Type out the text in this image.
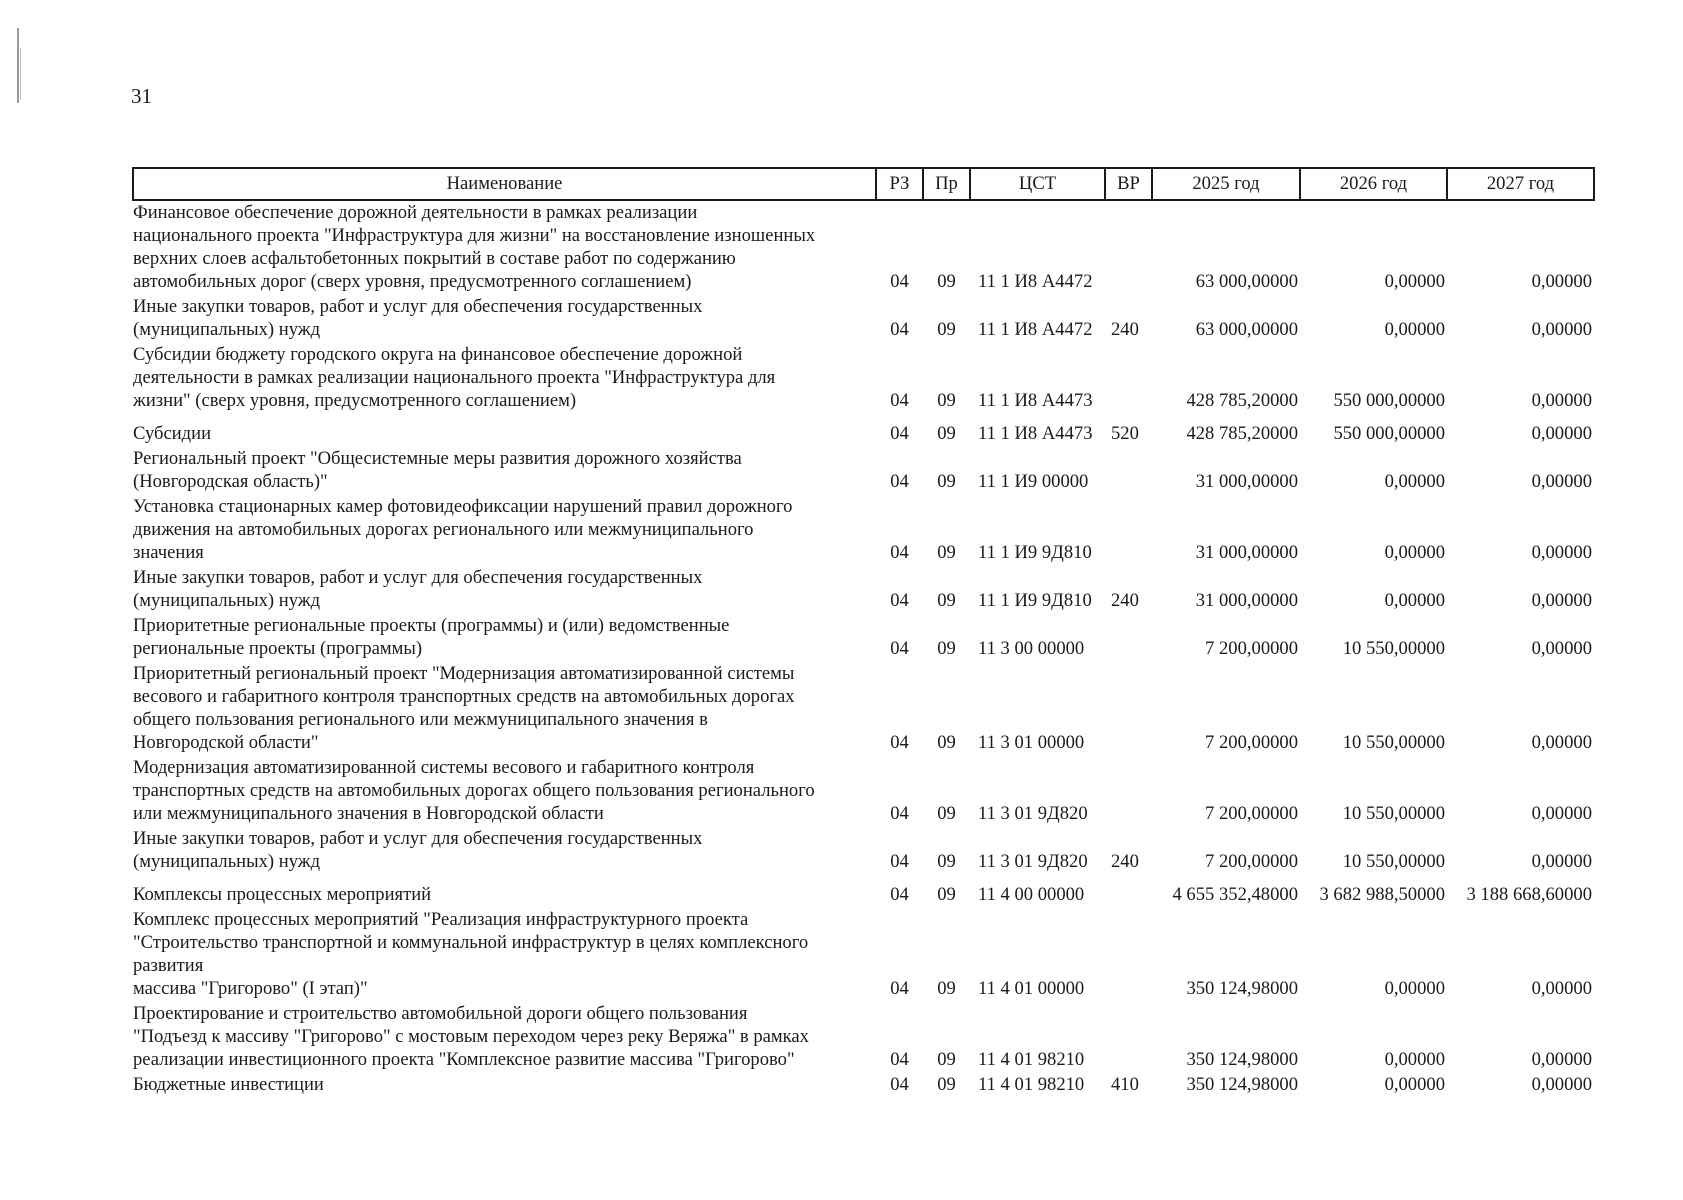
31
Наименование	РЗ	Пр	ЦСТ	ВР	2025 год	2026 год	2027 год
Финансовое обеспечение дорожной деятельности в рамках реализации
национального проекта "Инфраструктура для жизни" на восстановление изношенных
верхних слоев асфальтобетонных покрытий в составе работ по содержанию
автомобильных дорог (сверх уровня, предусмотренного соглашением)	04	09	11 1 И8 А4472		63 000,00000	0,00000	0,00000
Иные закупки товаров, работ и услуг для обеспечения государственных
(муниципальных) нужд	04	09	11 1 И8 А4472	240	63 000,00000	0,00000	0,00000
Субсидии бюджету городского округа на финансовое обеспечение дорожной
деятельности в рамках реализации национального проекта "Инфраструктура для
жизни" (сверх уровня, предусмотренного соглашением)	04	09	11 1 И8 А4473		428 785,20000	550 000,00000	0,00000
Субсидии	04	09	11 1 И8 А4473	520	428 785,20000	550 000,00000	0,00000
Региональный проект "Общесистемные меры развития дорожного хозяйства
(Новгородская область)"	04	09	11 1 И9 00000		31 000,00000	0,00000	0,00000
Установка стационарных камер фотовидеофиксации нарушений правил дорожного
движения на автомобильных дорогах регионального или межмуниципального
значения	04	09	11 1 И9 9Д810		31 000,00000	0,00000	0,00000
Иные закупки товаров, работ и услуг для обеспечения государственных
(муниципальных) нужд	04	09	11 1 И9 9Д810	240	31 000,00000	0,00000	0,00000
Приоритетные региональные проекты (программы) и (или) ведомственные
региональные проекты (программы)	04	09	11 3 00 00000		7 200,00000	10 550,00000	0,00000
Приоритетный региональный проект "Модернизация автоматизированной системы
весового и габаритного контроля транспортных средств на автомобильных дорогах
общего пользования регионального или межмуниципального значения в
Новгородской области"	04	09	11 3 01 00000		7 200,00000	10 550,00000	0,00000
Модернизация автоматизированной системы весового и габаритного контроля
транспортных средств на автомобильных дорогах общего пользования регионального
или межмуниципального значения в Новгородской области	04	09	11 3 01 9Д820		7 200,00000	10 550,00000	0,00000
Иные закупки товаров, работ и услуг для обеспечения государственных
(муниципальных) нужд	04	09	11 3 01 9Д820	240	7 200,00000	10 550,00000	0,00000
Комплексы процессных мероприятий	04	09	11 4 00 00000		4 655 352,48000	3 682 988,50000	3 188 668,60000
Комплекс процессных мероприятий "Реализация инфраструктурного проекта
"Строительство транспортной и коммунальной инфраструктур в целях комплексного
развития
массива "Григорово" (I этап)"	04	09	11 4 01 00000		350 124,98000	0,00000	0,00000
Проектирование и строительство автомобильной дороги общего пользования
"Подъезд к массиву "Григорово" с мостовым переходом через реку Веряжа" в рамках
реализации инвестиционного проекта "Комплексное развитие массива "Григорово"	04	09	11 4 01 98210		350 124,98000	0,00000	0,00000
Бюджетные инвестиции	04	09	11 4 01 98210	410	350 124,98000	0,00000	0,00000
